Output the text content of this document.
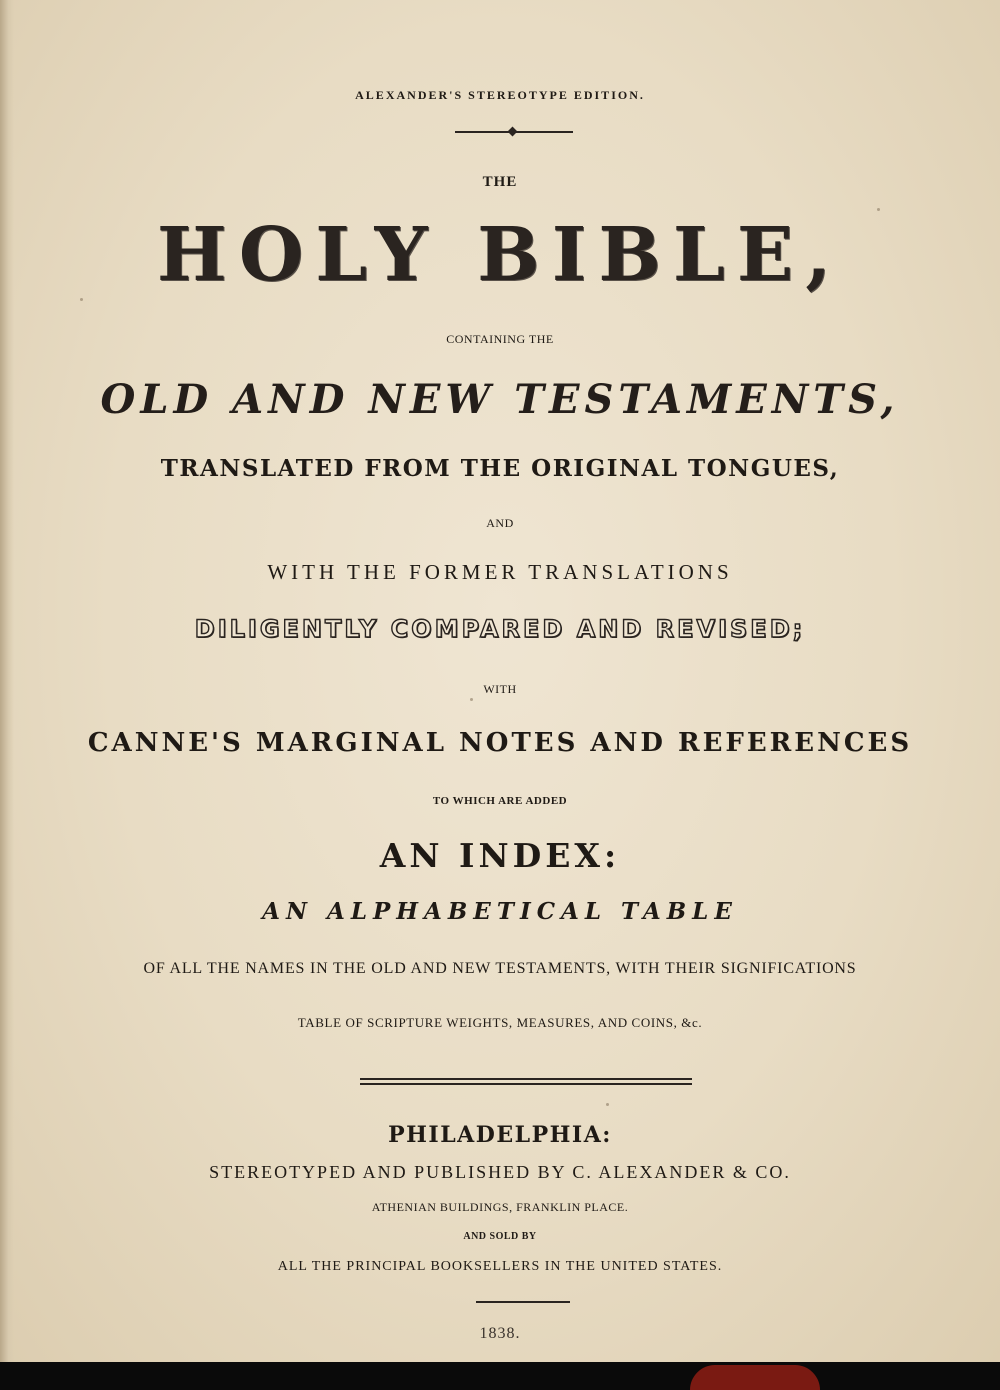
ALEXANDER'S STEREOTYPE EDITION.
THE
HOLY BIBLE,
CONTAINING THE
OLD AND NEW TESTAMENTS,
TRANSLATED FROM THE ORIGINAL TONGUES,
AND
WITH THE FORMER TRANSLATIONS
DILIGENTLY COMPARED AND REVISED;
WITH
CANNE'S MARGINAL NOTES AND REFERENCES
TO WHICH ARE ADDED
AN INDEX:
AN ALPHABETICAL TABLE
OF ALL THE NAMES IN THE OLD AND NEW TESTAMENTS, WITH THEIR SIGNIFICATIONS
TABLE OF SCRIPTURE WEIGHTS, MEASURES, AND COINS, &c.
PHILADELPHIA:
STEREOTYPED AND PUBLISHED BY C. ALEXANDER & CO.
ATHENIAN BUILDINGS, FRANKLIN PLACE.
AND SOLD BY
ALL THE PRINCIPAL BOOKSELLERS IN THE UNITED STATES.
1838.
